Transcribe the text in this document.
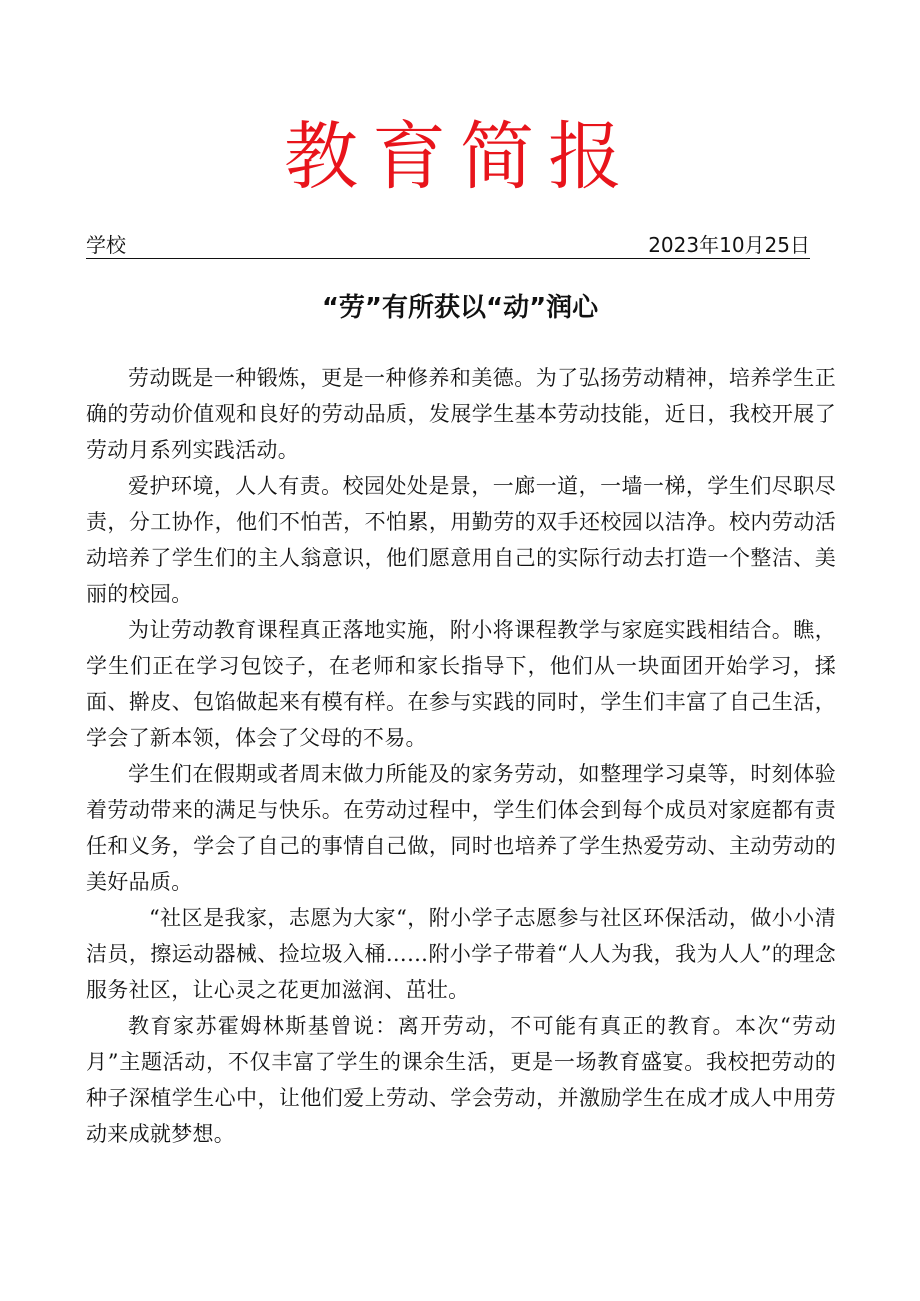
教育简报
学校	2023年10月25日
“劳”有所获以“动”润心

劳动既是一种锻炼，更是一种修养和美德。为了弘扬劳动精神，培养学生正确的劳动价值观和良好的劳动品质，发展学生基本劳动技能，近日，我校开展了劳动月系列实践活动。

爱护环境，人人有责。校园处处是景，一廊一道，一墙一梯，学生们尽职尽责，分工协作，他们不怕苦，不怕累，用勤劳的双手还校园以洁净。校内劳动活动培养了学生们的主人翁意识，他们愿意用自己的实际行动去打造一个整洁、美丽的校园。

为让劳动教育课程真正落地实施，附小将课程教学与家庭实践相结合。瞧，学生们正在学习包饺子，在老师和家长指导下，他们从一块面团开始学习，揉面、擀皮、包馅做起来有模有样。在参与实践的同时，学生们丰富了自己生活，学会了新本领，体会了父母的不易。

学生们在假期或者周末做力所能及的家务劳动，如整理学习桌等，时刻体验着劳动带来的满足与快乐。在劳动过程中，学生们体会到每个成员对家庭都有责任和义务，学会了自己的事情自己做，同时也培养了学生热爱劳动、主动劳动的美好品质。

“社区是我家，志愿为大家“，附小学子志愿参与社区环保活动，做小小清洁员，擦运动器械、捡垃圾入桶……附小学子带着“人人为我，我为人人”的理念服务社区，让心灵之花更加滋润、茁壮。

教育家苏霍姆林斯基曾说：离开劳动，不可能有真正的教育。本次“劳动月”主题活动，不仅丰富了学生的课余生活，更是一场教育盛宴。我校把劳动的种子深植学生心中，让他们爱上劳动、学会劳动，并激励学生在成才成人中用劳动来成就梦想。
